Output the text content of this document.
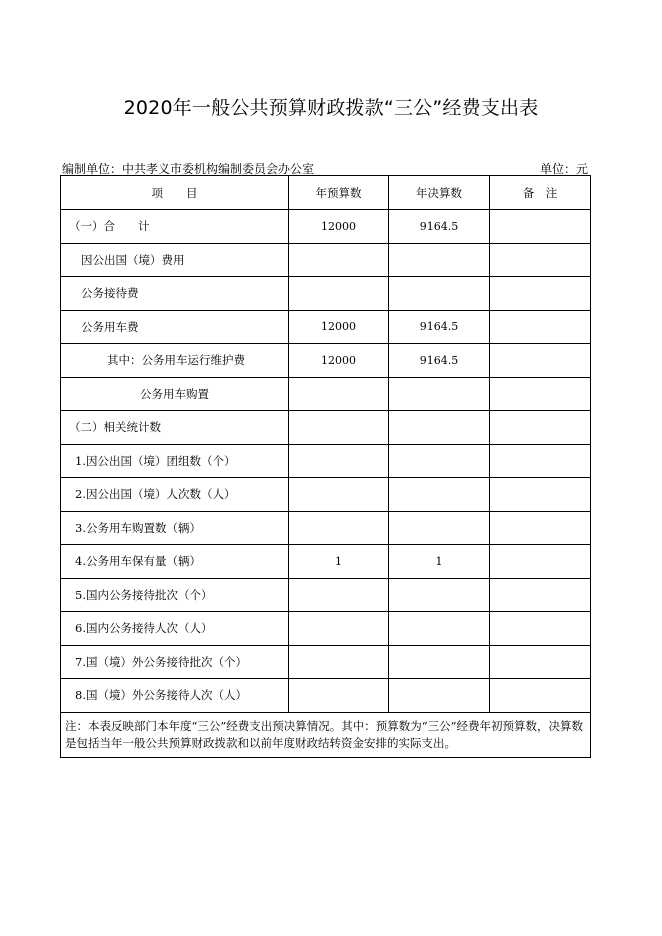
2020年一般公共预算财政拨款“三公”经费支出表
编制单位：中共孝义市委机构编制委员会办公室	单位：元
项　　目	年预算数	年决算数	备　注
（一）合　　计	12000	9164.5	
因公出国（境）费用			
公务接待费			
公务用车费	12000	9164.5	
其中：公务用车运行维护费	12000	9164.5	
公务用车购置			
（二）相关统计数			
1.因公出国（境）团组数（个）			
2.因公出国（境）人次数（人）			
3.公务用车购置数（辆）			
4.公务用车保有量（辆）	1	1	
5.国内公务接待批次（个）			
6.国内公务接待人次（人）			
7.国（境）外公务接待批次（个）			
8.国（境）外公务接待人次（人）			
注：本表反映部门本年度“三公”经费支出预决算情况。其中：预算数为“三公”经费年初预算数，决算数是包括当年一般公共预算财政拨款和以前年度财政结转资金安排的实际支出。			
